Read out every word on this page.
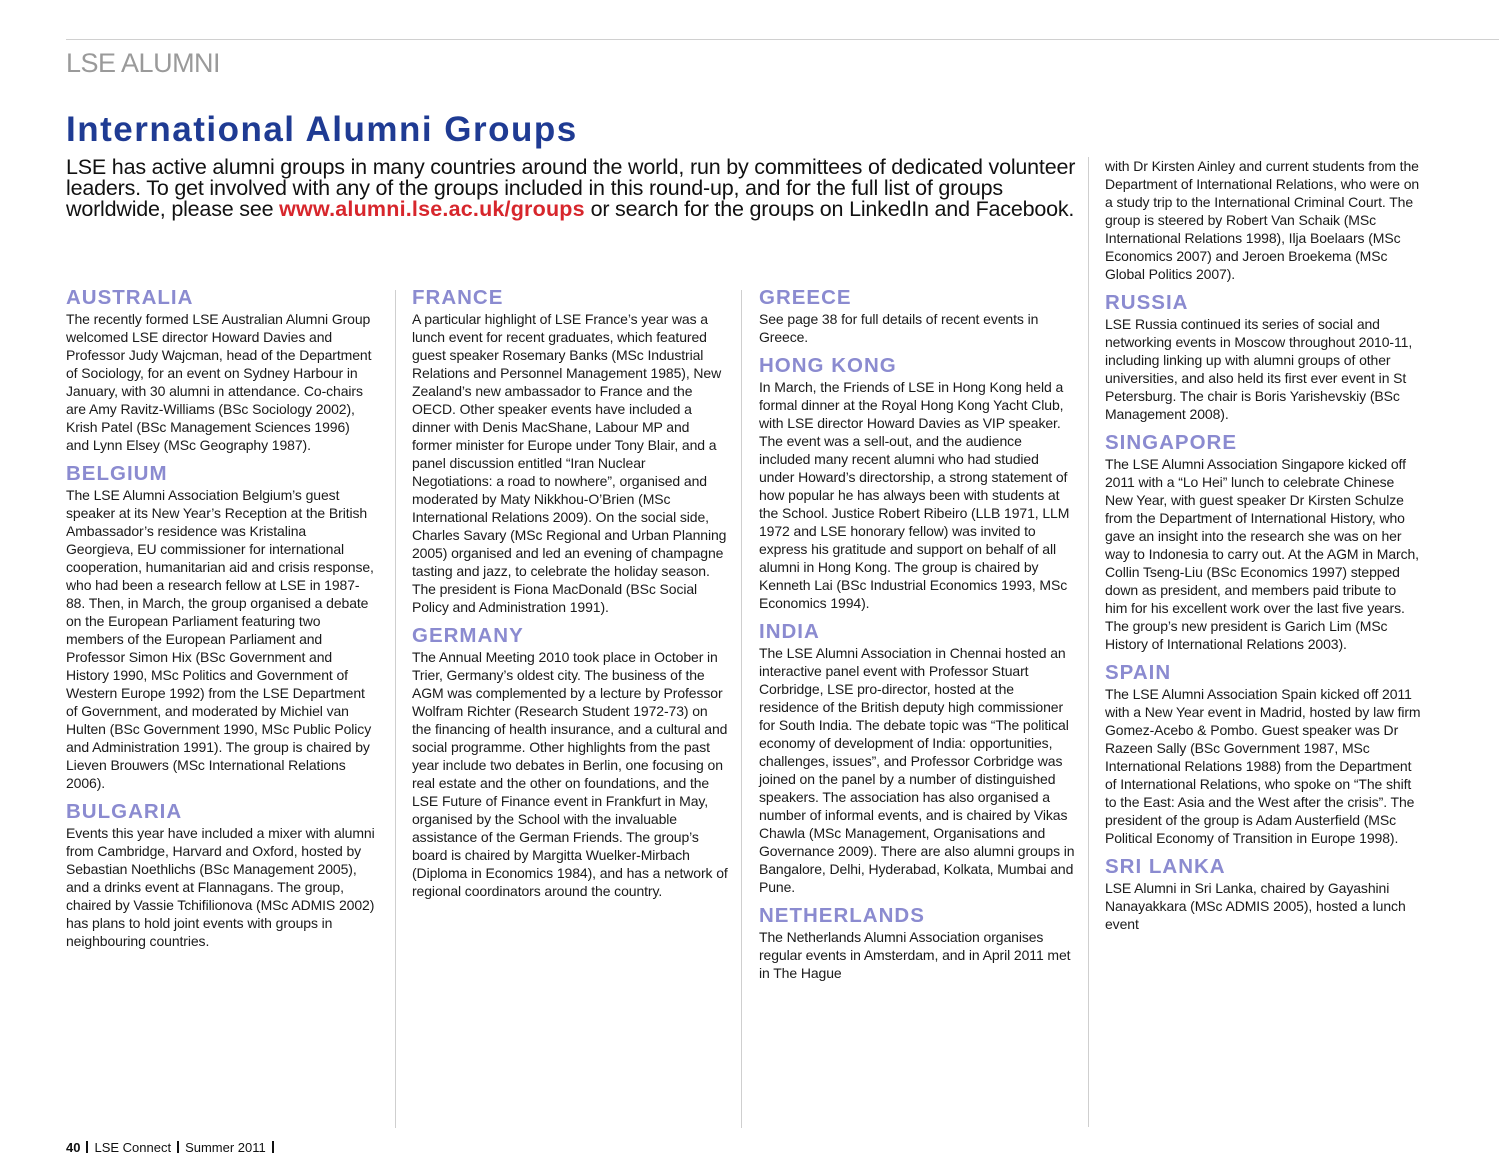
LSE ALUMNI
International Alumni Groups

LSE has active alumni groups in many countries around the world, run by committees of dedicated volunteer leaders. To get involved with any of the groups included in this round-up, and for the full list of groups worldwide, please see www.alumni.lse.ac.uk/groups or search for the groups on LinkedIn and Facebook.

AUSTRALIA

The recently formed LSE Australian Alumni Group welcomed LSE director Howard Davies and Professor Judy Wajcman, head of the Department of Sociology, for an event on Sydney Harbour in January, with 30 alumni in attendance. Co-chairs are Amy Ravitz-Williams (BSc Sociology 2002), Krish Patel (BSc Management Sciences 1996) and Lynn Elsey (MSc Geography 1987).

BELGIUM

The LSE Alumni Association Belgium’s guest speaker at its New Year’s Reception at the British Ambassador’s residence was Kristalina Georgieva, EU commissioner for international cooperation, humanitarian aid and crisis response, who had been a research fellow at LSE in 1987-88. Then, in March, the group organised a debate on the European Parliament featuring two members of the European Parliament and Professor Simon Hix (BSc Government and History 1990, MSc Politics and Government of Western Europe 1992) from the LSE Department of Government, and moderated by Michiel van Hulten (BSc Government 1990, MSc Public Policy and Administration 1991). The group is chaired by Lieven Brouwers (MSc International Relations 2006).

BULGARIA

Events this year have included a mixer with alumni from Cambridge, Harvard and Oxford, hosted by Sebastian Noethlichs (BSc Management 2005), and a drinks event at Flannagans. The group, chaired by Vassie Tchifilionova (MSc ADMIS 2002) has plans to hold joint events with groups in neighbouring countries.

FRANCE

A particular highlight of LSE France’s year was a lunch event for recent graduates, which featured guest speaker Rosemary Banks (MSc Industrial Relations and Personnel Management 1985), New Zealand’s new ambassador to France and the OECD. Other speaker events have included a dinner with Denis MacShane, Labour MP and former minister for Europe under Tony Blair, and a panel discussion entitled “Iran Nuclear Negotiations: a road to nowhere”, organised and moderated by Maty Nikkhou-O’Brien (MSc International Relations 2009). On the social side, Charles Savary (MSc Regional and Urban Planning 2005) organised and led an evening of champagne tasting and jazz, to celebrate the holiday season. The president is Fiona MacDonald (BSc Social Policy and Administration 1991).

GERMANY

The Annual Meeting 2010 took place in October in Trier, Germany’s oldest city. The business of the AGM was complemented by a lecture by Professor Wolfram Richter (Research Student 1972-73) on the financing of health insurance, and a cultural and social programme. Other highlights from the past year include two debates in Berlin, one focusing on real estate and the other on foundations, and the LSE Future of Finance event in Frankfurt in May, organised by the School with the invaluable assistance of the German Friends. The group’s board is chaired by Margitta Wuelker-Mirbach (Diploma in Economics 1984), and has a network of regional coordinators around the country.

GREECE

See page 38 for full details of recent events in Greece.

HONG KONG

In March, the Friends of LSE in Hong Kong held a formal dinner at the Royal Hong Kong Yacht Club, with LSE director Howard Davies as VIP speaker. The event was a sell-out, and the audience included many recent alumni who had studied under Howard’s directorship, a strong statement of how popular he has always been with students at the School. Justice Robert Ribeiro (LLB 1971, LLM 1972 and LSE honorary fellow) was invited to express his gratitude and support on behalf of all alumni in Hong Kong. The group is chaired by Kenneth Lai (BSc Industrial Economics 1993, MSc Economics 1994).

INDIA

The LSE Alumni Association in Chennai hosted an interactive panel event with Professor Stuart Corbridge, LSE pro-director, hosted at the residence of the British deputy high commissioner for South India. The debate topic was “The political economy of development of India: opportunities, challenges, issues”, and Professor Corbridge was joined on the panel by a number of distinguished speakers. The association has also organised a number of informal events, and is chaired by Vikas Chawla (MSc Management, Organisations and Governance 2009). There are also alumni groups in Bangalore, Delhi, Hyderabad, Kolkata, Mumbai and Pune.

NETHERLANDS

The Netherlands Alumni Association organises regular events in Amsterdam, and in April 2011 met in The Hague

with Dr Kirsten Ainley and current students from the Department of International Relations, who were on a study trip to the International Criminal Court. The group is steered by Robert Van Schaik (MSc International Relations 1998), Ilja Boelaars (MSc Economics 2007) and Jeroen Broekema (MSc Global Politics 2007).

RUSSIA

LSE Russia continued its series of social and networking events in Moscow throughout 2010-11, including linking up with alumni groups of other universities, and also held its first ever event in St Petersburg. The chair is Boris Yarishevskiy (BSc Management 2008).

SINGAPORE

The LSE Alumni Association Singapore kicked off 2011 with a “Lo Hei” lunch to celebrate Chinese New Year, with guest speaker Dr Kirsten Schulze from the Department of International History, who gave an insight into the research she was on her way to Indonesia to carry out. At the AGM in March, Collin Tseng-Liu (BSc Economics 1997) stepped down as president, and members paid tribute to him for his excellent work over the last five years. The group’s new president is Garich Lim (MSc History of International Relations 2003).

SPAIN

The LSE Alumni Association Spain kicked off 2011 with a New Year event in Madrid, hosted by law firm Gomez-Acebo & Pombo. Guest speaker was Dr Razeen Sally (BSc Government 1987, MSc International Relations 1988) from the Department of International Relations, who spoke on “The shift to the East: Asia and the West after the crisis”. The president of the group is Adam Austerfield (MSc Political Economy of Transition in Europe 1998).

SRI LANKA

LSE Alumni in Sri Lanka, chaired by Gayashini Nanayakkara (MSc ADMIS 2005), hosted a lunch event

40 LSE Connect Summer 2011
